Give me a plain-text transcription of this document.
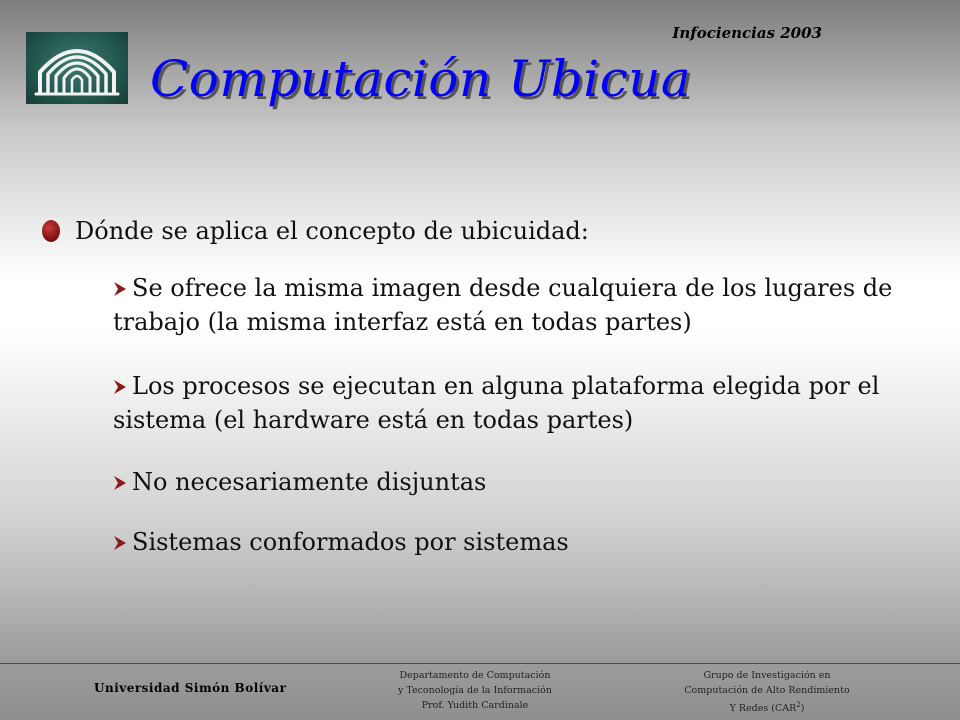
Infociencias 2003
Computación Ubicua
Dónde se aplica el concepto de ubicuidad:
Se ofrece la misma imagen desde cualquiera de los lugares de trabajo (la misma interfaz está en todas partes)
Los procesos se ejecutan en alguna plataforma elegida por el sistema (el hardware está en todas partes)
No necesariamente disjuntas
Sistemas conformados por sistemas
Universidad Simón Bolívar
Departamento de Computación
y Teconología de la Información
Prof. Yudith Cardinale
Grupo de Investigación en
Computación de Alto Rendimiento
Y Redes (CAR$^2$)
